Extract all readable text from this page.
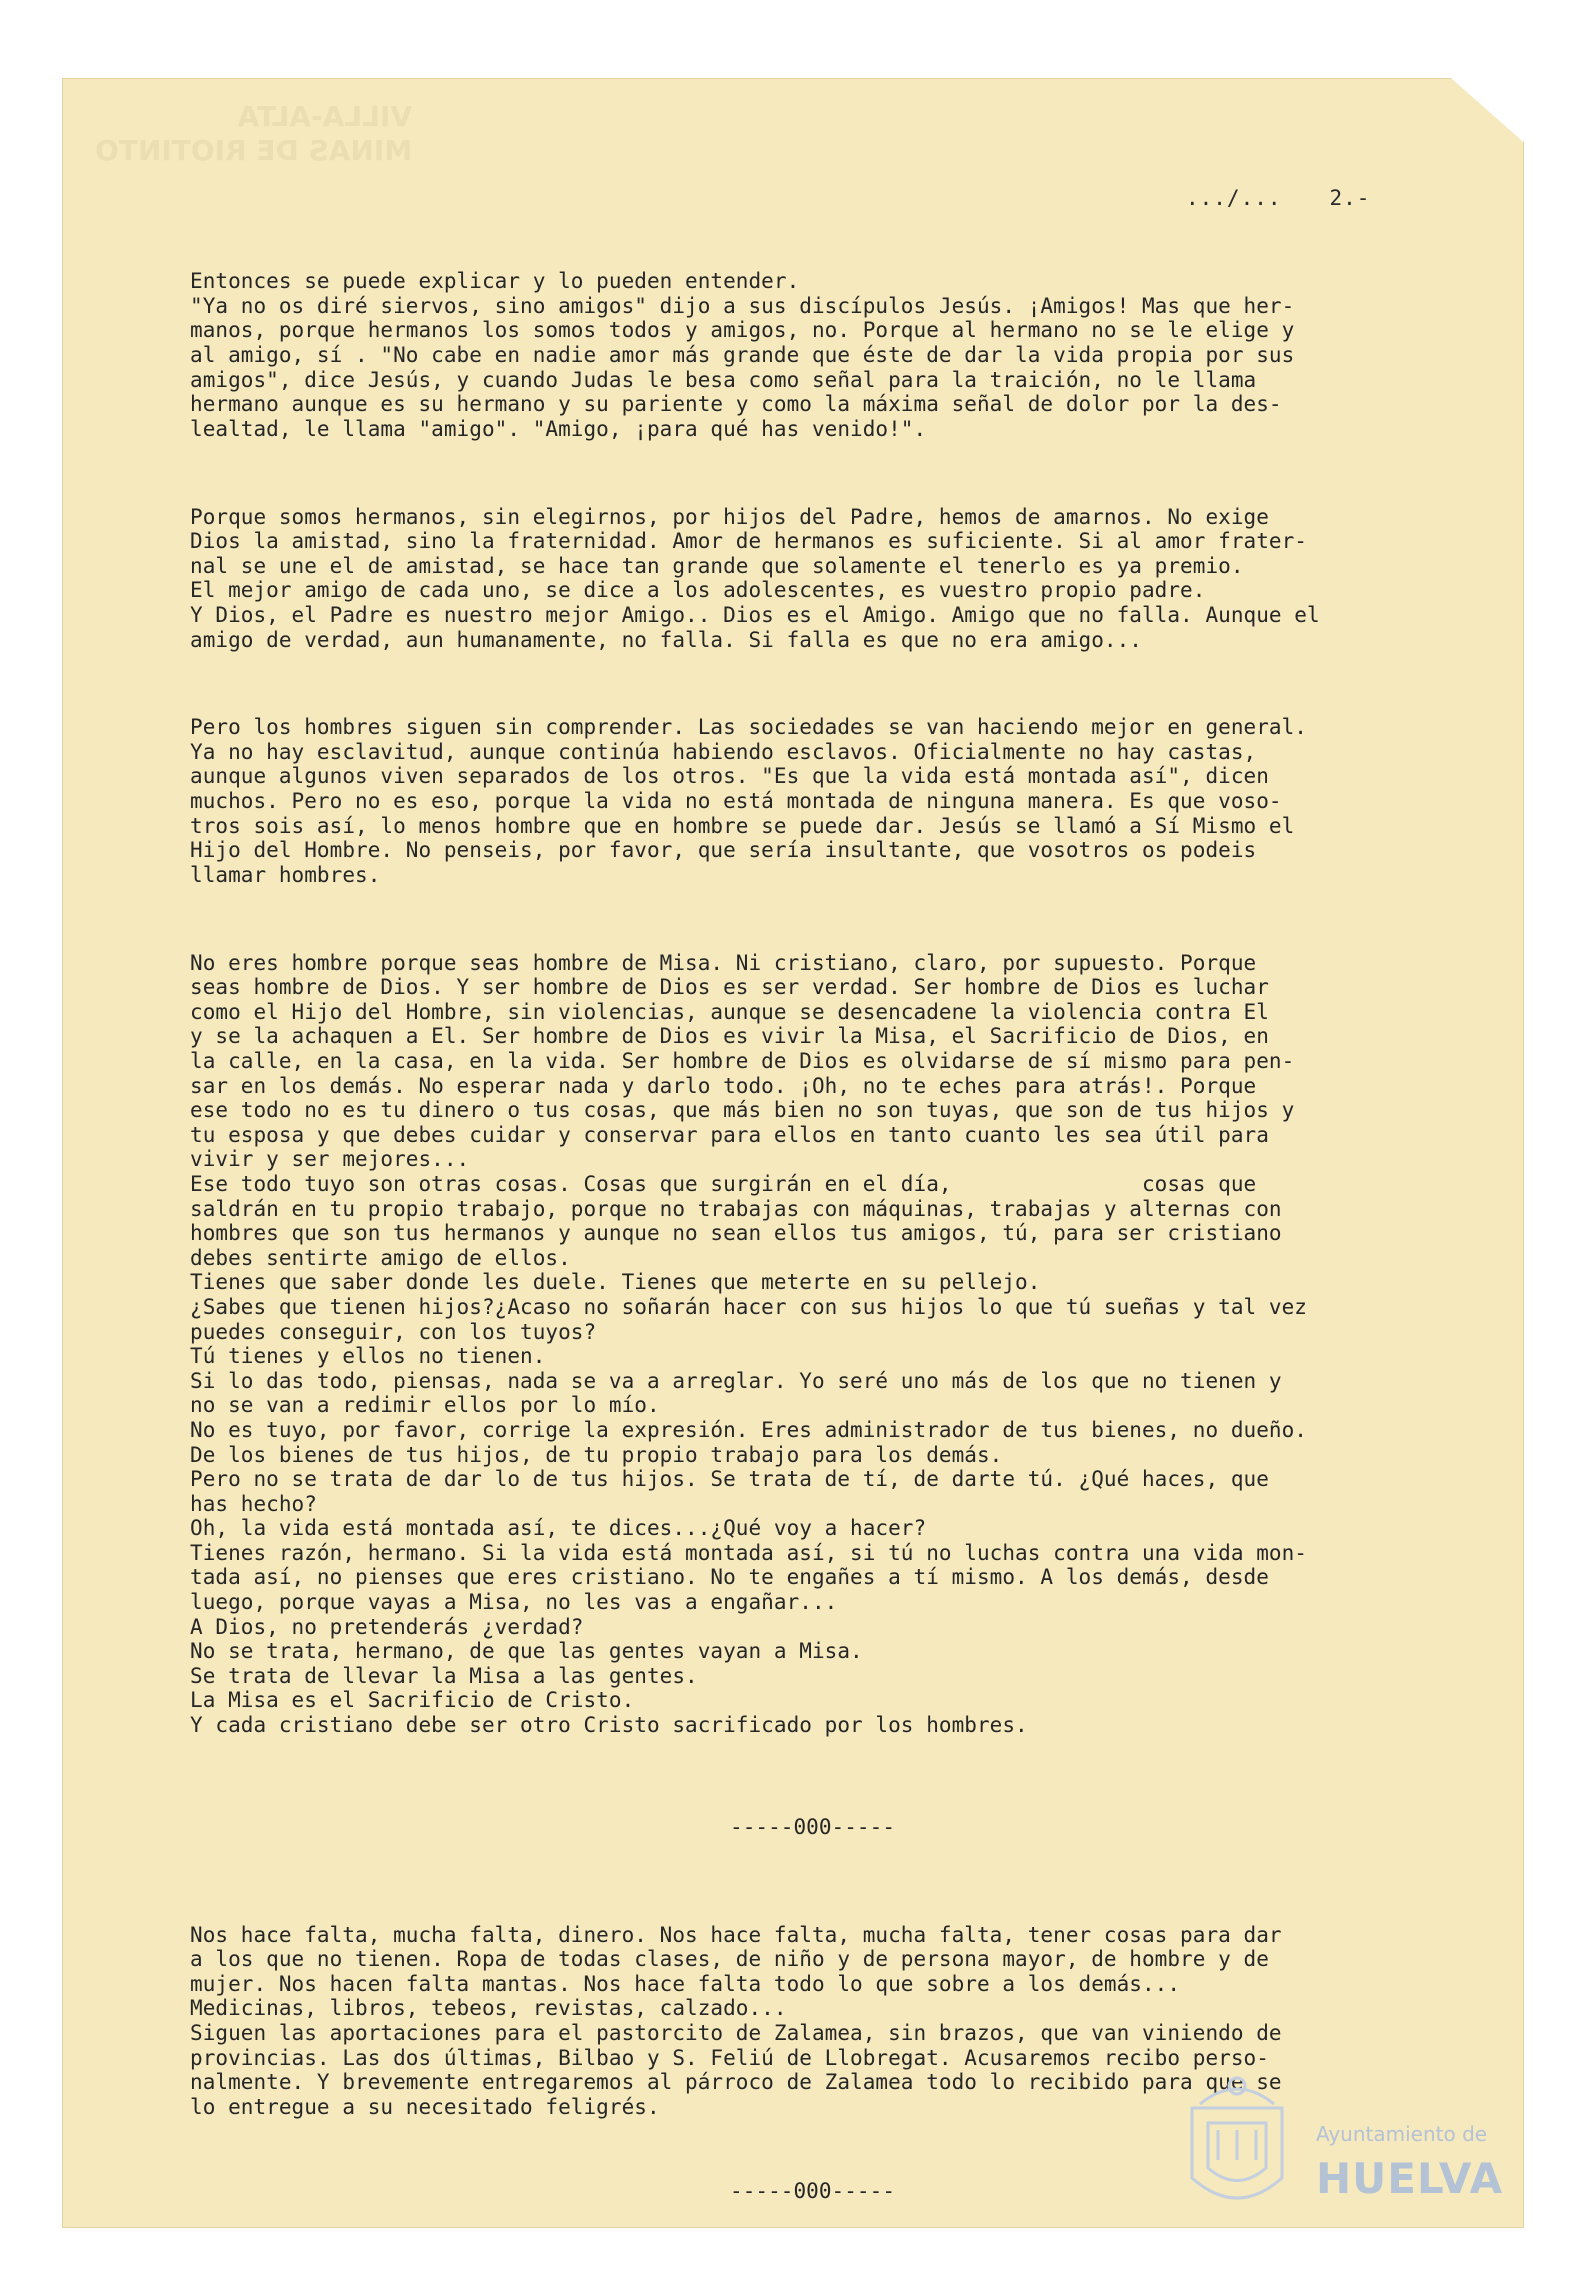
VILLA-ALTA
MINAS DE RIOTINTO
.../... 2.-

Entonces se puede explicar y lo pueden entender.
"Ya no os diré siervos, sino amigos" dijo a sus discípulos Jesús. ¡Amigos! Mas que her-
manos, porque hermanos los somos todos y amigos, no. Porque al hermano no se le elige y
al amigo, sí . "No cabe en nadie amor más grande que éste de dar la vida propia por sus
amigos", dice Jesús, y cuando Judas le besa como señal para la traición, no le llama
hermano aunque es su hermano y su pariente y como la máxima señal de dolor por la des-
lealtad, le llama "amigo". "Amigo, ¡para qué has venido!".

Porque somos hermanos, sin elegirnos, por hijos del Padre, hemos de amarnos. No exige
Dios la amistad, sino la fraternidad. Amor de hermanos es suficiente. Si al amor frater-
nal se une el de amistad, se hace tan grande que solamente el tenerlo es ya premio.
El mejor amigo de cada uno, se dice a los adolescentes, es vuestro propio padre.
Y Dios, el Padre es nuestro mejor Amigo.. Dios es el Amigo. Amigo que no falla. Aunque el
amigo de verdad, aun humanamente, no falla. Si falla es que no era amigo...

Pero los hombres siguen sin comprender. Las sociedades se van haciendo mejor en general.
Ya no hay esclavitud, aunque continúa habiendo esclavos. Oficialmente no hay castas,
aunque algunos viven separados de los otros. "Es que la vida está montada así", dicen
muchos. Pero no es eso, porque la vida no está montada de ninguna manera. Es que voso-
tros sois así, lo menos hombre que en hombre se puede dar. Jesús se llamó a Sí Mismo el
Hijo del Hombre. No penseis, por favor, que sería insultante, que vosotros os podeis
llamar hombres.

No eres hombre porque seas hombre de Misa. Ni cristiano, claro, por supuesto. Porque
seas hombre de Dios. Y ser hombre de Dios es ser verdad. Ser hombre de Dios es luchar
como el Hijo del Hombre, sin violencias, aunque se desencadene la violencia contra El
y se la achaquen a El. Ser hombre de Dios es vivir la Misa, el Sacrificio de Dios, en
la calle, en la casa, en la vida. Ser hombre de Dios es olvidarse de sí mismo para pen-
sar en los demás. No esperar nada y darlo todo. ¡Oh, no te eches para atrás!. Porque
ese todo no es tu dinero o tus cosas, que más bien no son tuyas, que son de tus hijos y
tu esposa y que debes cuidar y conservar para ellos en tanto cuanto les sea útil para
vivir y ser mejores...
Ese todo tuyo son otras cosas. Cosas que surgirán en el día,               cosas que
saldrán en tu propio trabajo, porque no trabajas con máquinas, trabajas y alternas con
hombres que son tus hermanos y aunque no sean ellos tus amigos, tú, para ser cristiano
debes sentirte amigo de ellos.
Tienes que saber donde les duele. Tienes que meterte en su pellejo.
¿Sabes que tienen hijos?¿Acaso no soñarán hacer con sus hijos lo que tú sueñas y tal vez
puedes conseguir, con los tuyos?
Tú tienes y ellos no tienen.
Si lo das todo, piensas, nada se va a arreglar. Yo seré uno más de los que no tienen y
no se van a redimir ellos por lo mío.
No es tuyo, por favor, corrige la expresión. Eres administrador de tus bienes, no dueño.
De los bienes de tus hijos, de tu propio trabajo para los demás.
Pero no se trata de dar lo de tus hijos. Se trata de tí, de darte tú. ¿Qué haces, que
has hecho?
Oh, la vida está montada así, te dices...¿Qué voy a hacer?
Tienes razón, hermano. Si la vida está montada así, si tú no luchas contra una vida mon-
tada así, no pienses que eres cristiano. No te engañes a tí mismo. A los demás, desde
luego, porque vayas a Misa, no les vas a engañar...
A Dios, no pretenderás ¿verdad?
No se trata, hermano, de que las gentes vayan a Misa.
Se trata de llevar la Misa a las gentes.
La Misa es el Sacrificio de Cristo.
Y cada cristiano debe ser otro Cristo sacrificado por los hombres.

-----000-----

Nos hace falta, mucha falta, dinero. Nos hace falta, mucha falta, tener cosas para dar
a los que no tienen. Ropa de todas clases, de niño y de persona mayor, de hombre y de
mujer. Nos hacen falta mantas. Nos hace falta todo lo que sobre a los demás...
Medicinas, libros, tebeos, revistas, calzado...
Siguen las aportaciones para el pastorcito de Zalamea, sin brazos, que van viniendo de
provincias. Las dos últimas, Bilbao y S. Feliú de Llobregat. Acusaremos recibo perso-
nalmente. Y brevemente entregaremos al párroco de Zalamea todo lo recibido para que se
lo entregue a su necesitado feligrés.

-----000-----

Ayuntamiento de
HUELVA
